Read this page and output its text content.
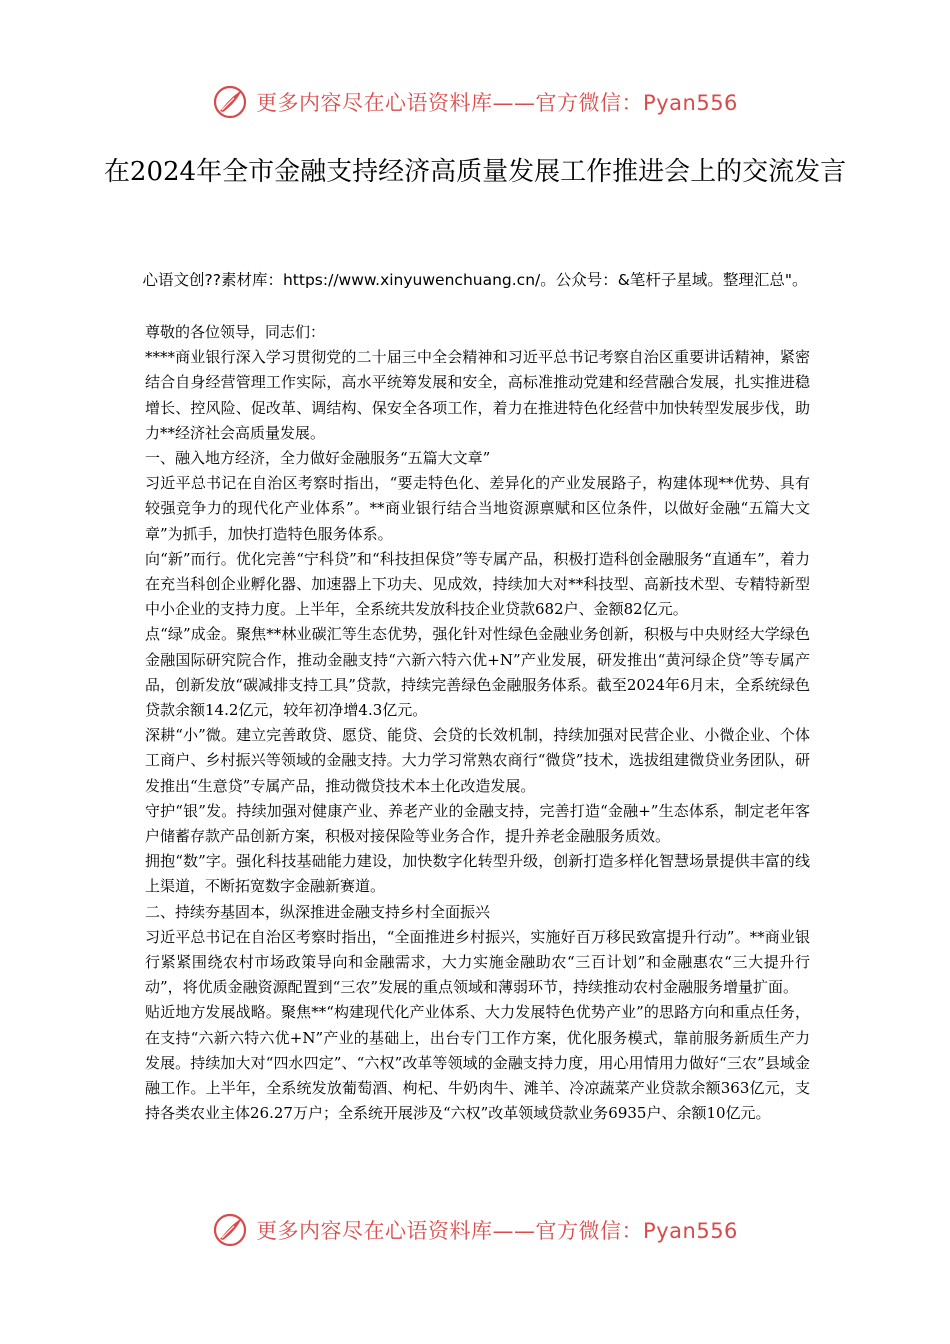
更多内容尽在心语资料库——官方微信：Pyan556
在2024年全市金融支持经济高质量发展工作推进会上的交流发言
心语文创??素材库：https://www.xinyuwenchuang.cn/。公众号：&笔杆子星域。整理汇总"。

尊敬的各位领导，同志们：

****商业银行深入学习贯彻党的二十届三中全会精神和习近平总书记考察自治区重要讲话精神，紧密结合自身经营管理工作实际，高水平统筹发展和安全，高标准推动党建和经营融合发展，扎实推进稳增长、控风险、促改革、调结构、保安全各项工作，着力在推进特色化经营中加快转型发展步伐，助力**经济社会高质量发展。

一、融入地方经济，全力做好金融服务“五篇大文章”

习近平总书记在自治区考察时指出，“要走特色化、差异化的产业发展路子，构建体现**优势、具有较强竞争力的现代化产业体系”。**商业银行结合当地资源禀赋和区位条件，以做好金融“五篇大文章”为抓手，加快打造特色服务体系。

向“新”而行。优化完善“宁科贷”和“科技担保贷”等专属产品，积极打造科创金融服务“直通车”，着力在充当科创企业孵化器、加速器上下功夫、见成效，持续加大对**科技型、高新技术型、专精特新型中小企业的支持力度。上半年，全系统共发放科技企业贷款682户、金额82亿元。

点“绿”成金。聚焦**林业碳汇等生态优势，强化针对性绿色金融业务创新，积极与中央财经大学绿色金融国际研究院合作，推动金融支持“六新六特六优+N”产业发展，研发推出“黄河绿企贷”等专属产品，创新发放“碳减排支持工具”贷款，持续完善绿色金融服务体系。截至2024年6月末，全系统绿色贷款余额14.2亿元，较年初净增4.3亿元。

深耕“小”微。建立完善敢贷、愿贷、能贷、会贷的长效机制，持续加强对民营企业、小微企业、个体工商户、乡村振兴等领域的金融支持。大力学习常熟农商行“微贷”技术，选拔组建微贷业务团队，研发推出“生意贷”专属产品，推动微贷技术本土化改造发展。

守护“银”发。持续加强对健康产业、养老产业的金融支持，完善打造“金融+”生态体系，制定老年客户储蓄存款产品创新方案，积极对接保险等业务合作，提升养老金融服务质效。

拥抱“数”字。强化科技基础能力建设，加快数字化转型升级，创新打造多样化智慧场景提供丰富的线上渠道，不断拓宽数字金融新赛道。

二、持续夯基固本，纵深推进金融支持乡村全面振兴

习近平总书记在自治区考察时指出，“全面推进乡村振兴，实施好百万移民致富提升行动”。**商业银行紧紧围绕农村市场政策导向和金融需求，大力实施金融助农“三百计划”和金融惠农“三大提升行动”，将优质金融资源配置到“三农”发展的重点领域和薄弱环节，持续推动农村金融服务增量扩面。

贴近地方发展战略。聚焦**“构建现代化产业体系、大力发展特色优势产业”的思路方向和重点任务，在支持“六新六特六优+N”产业的基础上，出台专门工作方案，优化服务模式，靠前服务新质生产力发展。持续加大对“四水四定”、“六权”改革等领域的金融支持力度，用心用情用力做好“三农”县域金融工作。上半年，全系统发放葡萄酒、枸杞、牛奶肉牛、滩羊、冷凉蔬菜产业贷款余额363亿元，支持各类农业主体26.27万户；全系统开展涉及“六权”改革领域贷款业务6935户、余额10亿元。

更多内容尽在心语资料库——官方微信：Pyan556
